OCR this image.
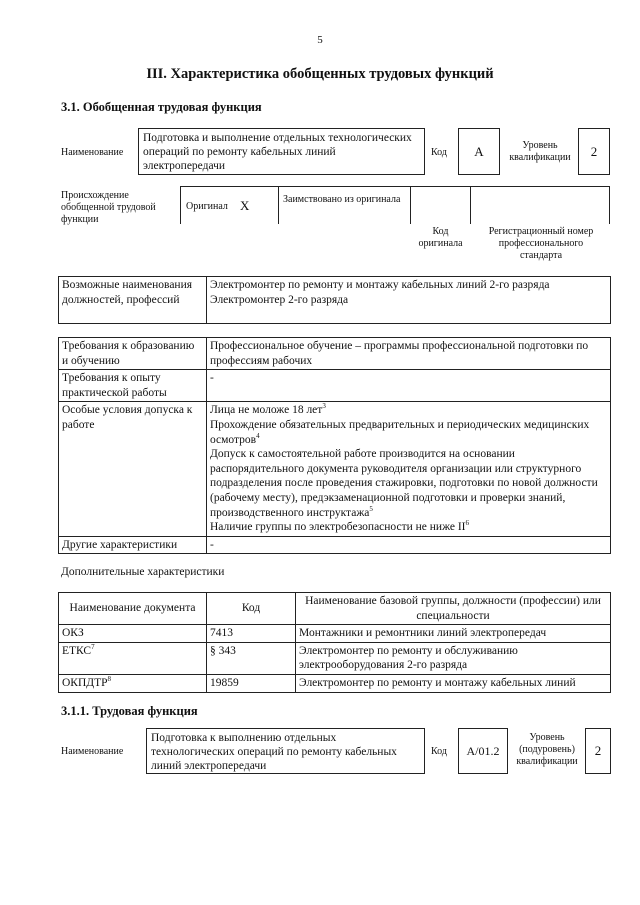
5
III. Характеристика обобщенных трудовых функций
3.1. Обобщенная трудовая функция
Наименование
Подготовка и выполнение отдельных технологических операций по ремонту кабельных линий электропередачи
Код	A	Уровень квалификации	2
Происхождение обобщенной трудовой функции
Оригинал X	Заимствовано из оригинала
Код оригинала
Регистрационный номер профессионального стандарта
Возможные наименования должностей, профессий	
Электромонтер по ремонту и монтажу кабельных линий 2-го разряда
Электромонтер 2-го разряда
Требования к образованию и обучению	Профессиональное обучение – программы профессиональной подготовки по профессиям рабочих
Требования к опыту практической работы	-
Особые условия допуска к работе	Лица не моложе 18 лет$^3$
Прохождение обязательных предварительных и периодических медицинских осмотров$^4$
Допуск к самостоятельной работе производится на основании распорядительного документа руководителя организации или структурного подразделения после проведения стажировки, подготовки по новой должности (рабочему месту), предэкзаменационной подготовки и проверки знаний, производственного инструктажа$^5$
Наличие группы по электробезопасности не ниже $II^6$

Другие характеристики	-
Дополнительные характеристики
Наименование документа	Код	Наименование базовой группы, должности (профессии) или специальности
ОКЗ	7413	Монтажники и ремонтники линий электропередач
ЕТКС$^7$	§ 343	Электромонтер по ремонту и обслуживанию электрооборудования 2-го разряда
ОКПДТР$^8$	19859	Электромонтер по ремонту и монтажу кабельных линий
3.1.1. Трудовая функция
Наименование
Подготовка к выполнению отдельных технологических операций по ремонту кабельных линий электропередачи
Код	A/01.2
Уровень (подуровень) квалификации
2
